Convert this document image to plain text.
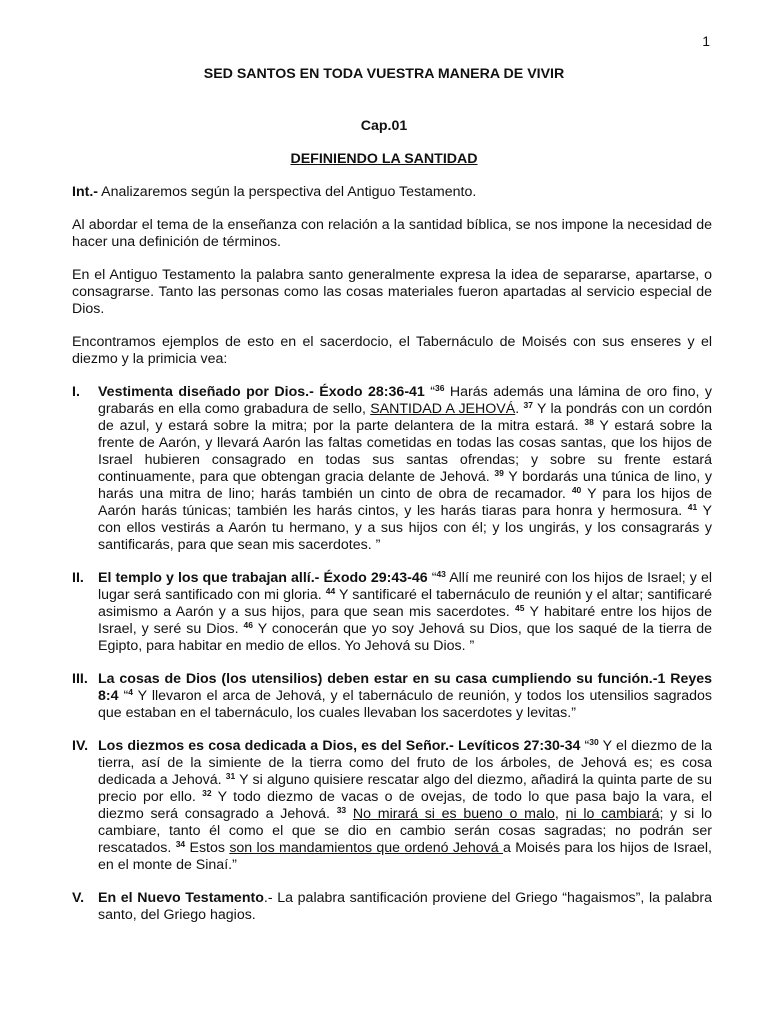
1
SED SANTOS EN TODA VUESTRA MANERA DE VIVIR
Cap.01
DEFINIENDO LA SANTIDAD

Int.- Analizaremos según la perspectiva del Antiguo Testamento.

Al abordar el tema de la enseñanza con relación a la santidad bíblica, se nos impone la necesidad de hacer una definición de términos.

En el Antiguo Testamento la palabra santo generalmente expresa la idea de separarse, apartarse, o consagrarse. Tanto las personas como las cosas materiales fueron apartadas al servicio especial de Dios.

Encontramos ejemplos de esto en el sacerdocio, el Tabernáculo de Moisés con sus enseres y el diezmo y la primicia vea:

I.	Vestimenta diseñado por Dios.- Éxodo 28:36-41 “$^{36}$ Harás además una lámina de oro fino, y grabarás en ella como grabadura de sello, SANTIDAD A JEHOVÁ. $^{37}$ Y la pondrás con un cordón de azul, y estará sobre la mitra; por la parte delantera de la mitra estará. $^{38}$ Y estará sobre la frente de Aarón, y llevará Aarón las faltas cometidas en todas las cosas santas, que los hijos de Israel hubieren consagrado en todas sus santas ofrendas; y sobre su frente estará continuamente, para que obtengan gracia delante de Jehová. $^{39}$ Y bordarás una túnica de lino, y harás una mitra de lino; harás también un cinto de obra de recamador. $^{40}$ Y para los hijos de Aarón harás túnicas; también les harás cintos, y les harás tiaras para honra y hermosura. $^{41}$ Y con ellos vestirás a Aarón tu hermano, y a sus hijos con él; y los ungirás, y los consagrarás y santificarás, para que sean mis sacerdotes. ”
II. El templo y los que trabajan allí.- Éxodo 29:43-46 “$^{43}$ Allí me reuniré con los hijos de Israel; y el lugar será santificado con mi gloria. $^{44}$ Y santificaré el tabernáculo de reunión y el altar; santificaré asimismo a Aarón y a sus hijos, para que sean mis sacerdotes. $^{45}$ Y habitaré entre los hijos de Israel, y seré su Dios. $^{46}$ Y conocerán que yo soy Jehová su Dios, que los saqué de la tierra de Egipto, para habitar en medio de ellos. Yo Jehová su Dios. ”
III. La cosas de Dios (los utensilios) deben estar en su casa cumpliendo su función.-1 Reyes 8:4 “$^4$ Y llevaron el arca de Jehová, y el tabernáculo de reunión, y todos los utensilios sagrados que estaban en el tabernáculo, los cuales llevaban los sacerdotes y levitas.”
IV. Los diezmos es cosa dedicada a Dios, es del Señor.- Levíticos 27:30-34 “$^{30}$ Y el diezmo de la tierra, así de la simiente de la tierra como del fruto de los árboles, de Jehová es; es cosa dedicada a Jehová. $^{31}$ Y si alguno quisiere rescatar algo del diezmo, añadirá la quinta parte de su precio por ello. $^{32}$ Y todo diezmo de vacas o de ovejas, de todo lo que pasa bajo la vara, el diezmo será consagrado a Jehová. $^{33}$ No mirará si es bueno o malo, ni lo cambiará; y si lo cambiare, tanto él como el que se dio en cambio serán cosas sagradas; no podrán ser rescatados. $^{34}$ Estos son los mandamientos que ordenó Jehová a Moisés para los hijos de Israel, en el monte de Sinaí.”
V. En el Nuevo Testamento.- La palabra santificación proviene del Griego “hagaismos”, la palabra santo, del Griego hagios.
